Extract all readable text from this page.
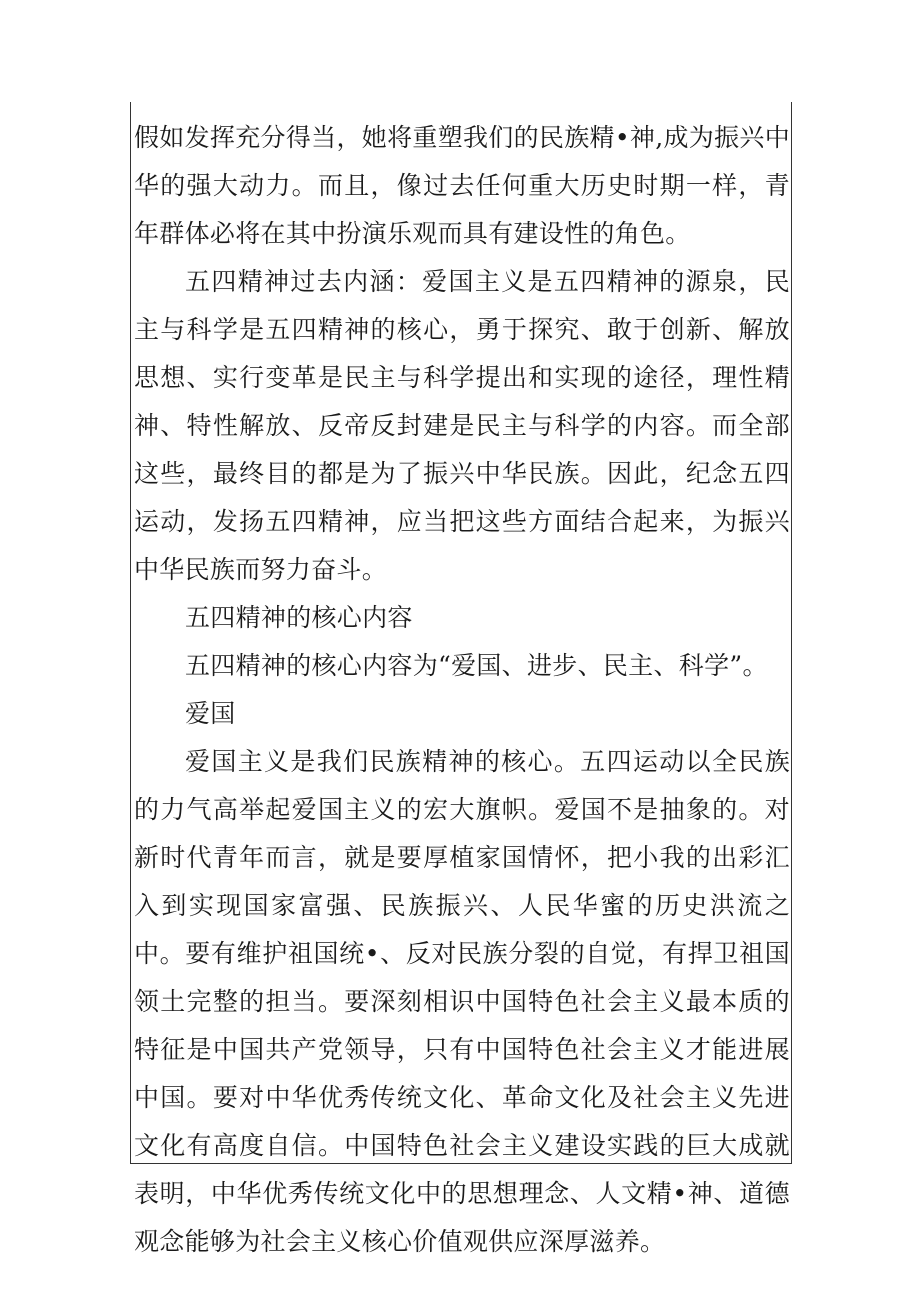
假如发挥充分得当，她将重塑我们的民族精•神,成为振兴中华的强大动力。而且，像过去任何重大历史时期一样，青年群体必将在其中扮演乐观而具有建设性的角色。

五四精神过去内涵：爱国主义是五四精神的源泉，民主与科学是五四精神的核心，勇于探究、敢于创新、解放思想、实行变革是民主与科学提出和实现的途径，理性精神、特性解放、反帝反封建是民主与科学的内容。而全部这些，最终目的都是为了振兴中华民族。因此，纪念五四运动，发扬五四精神，应当把这些方面结合起来，为振兴中华民族而努力奋斗。

五四精神的核心内容

五四精神的核心内容为“爱国、进步、民主、科学”。

爱国

爱国主义是我们民族精神的核心。五四运动以全民族的力气高举起爱国主义的宏大旗帜。爱国不是抽象的。对新时代青年而言，就是要厚植家国情怀，把小我的出彩汇入到实现国家富强、民族振兴、人民华蜜的历史洪流之中。要有维护祖国统•、反对民族分裂的自觉，有捍卫祖国领土完整的担当。要深刻相识中国特色社会主义最本质的特征是中国共产党领导，只有中国特色社会主义才能进展中国。要对中华优秀传统文化、革命文化及社会主义先进文化有高度自信。中国特色社会主义建设实践的巨大成就表明，中华优秀传统文化中的思想理念、人文精•神、道德观念能够为社会主义核心价值观供应深厚滋养。
